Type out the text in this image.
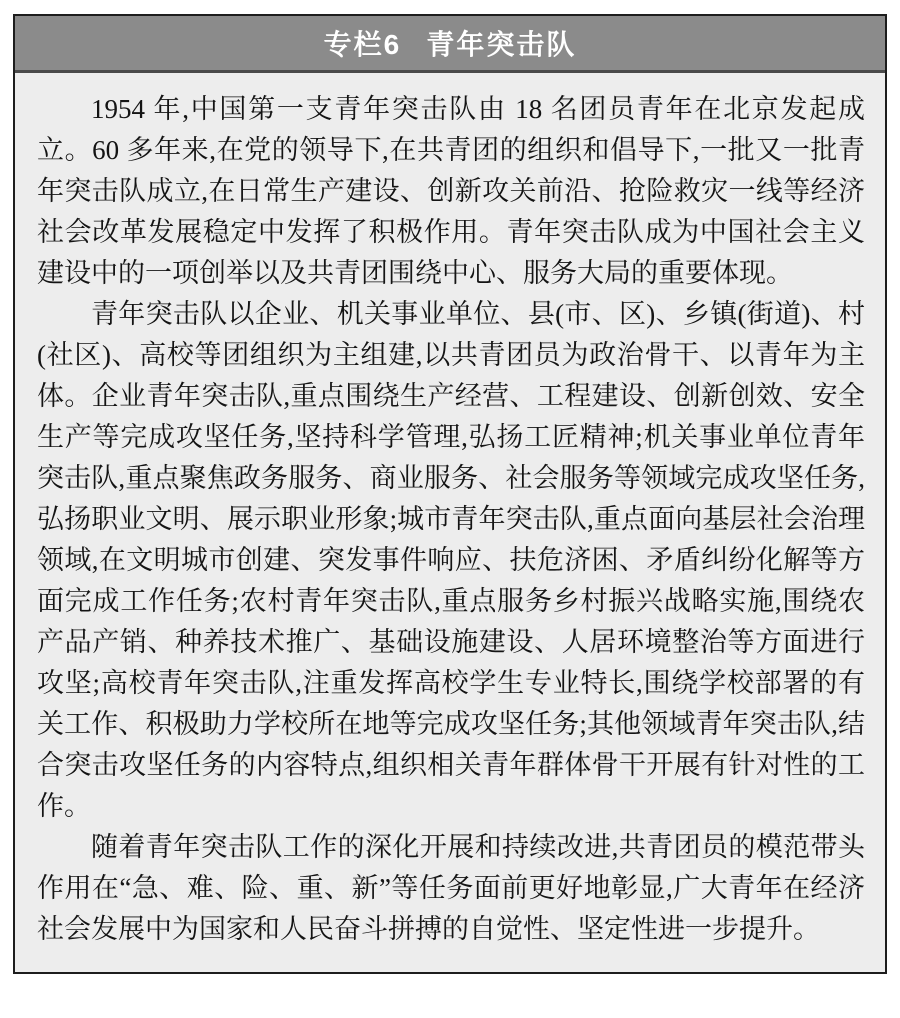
专栏6 青年突击队

1954 年,中国第一支青年突击队由 18 名团员青年在北京发起成立。60 多年来,在党的领导下,在共青团的组织和倡导下,一批又一批青年突击队成立,在日常生产建设、创新攻关前沿、抢险救灾一线等经济社会改革发展稳定中发挥了积极作用。青年突击队成为中国社会主义建设中的一项创举以及共青团围绕中心、服务大局的重要体现。

青年突击队以企业、机关事业单位、县(市、区)、乡镇(街道)、村(社区)、高校等团组织为主组建,以共青团员为政治骨干、以青年为主体。企业青年突击队,重点围绕生产经营、工程建设、创新创效、安全生产等完成攻坚任务,坚持科学管理,弘扬工匠精神;机关事业单位青年突击队,重点聚焦政务服务、商业服务、社会服务等领域完成攻坚任务,弘扬职业文明、展示职业形象;城市青年突击队,重点面向基层社会治理领域,在文明城市创建、突发事件响应、扶危济困、矛盾纠纷化解等方面完成工作任务;农村青年突击队,重点服务乡村振兴战略实施,围绕农产品产销、种养技术推广、基础设施建设、人居环境整治等方面进行攻坚;高校青年突击队,注重发挥高校学生专业特长,围绕学校部署的有关工作、积极助力学校所在地等完成攻坚任务;其他领域青年突击队,结合突击攻坚任务的内容特点,组织相关青年群体骨干开展有针对性的工作。

随着青年突击队工作的深化开展和持续改进,共青团员的模范带头作用在“急、难、险、重、新”等任务面前更好地彰显,广大青年在经济社会发展中为国家和人民奋斗拼搏的自觉性、坚定性进一步提升。
